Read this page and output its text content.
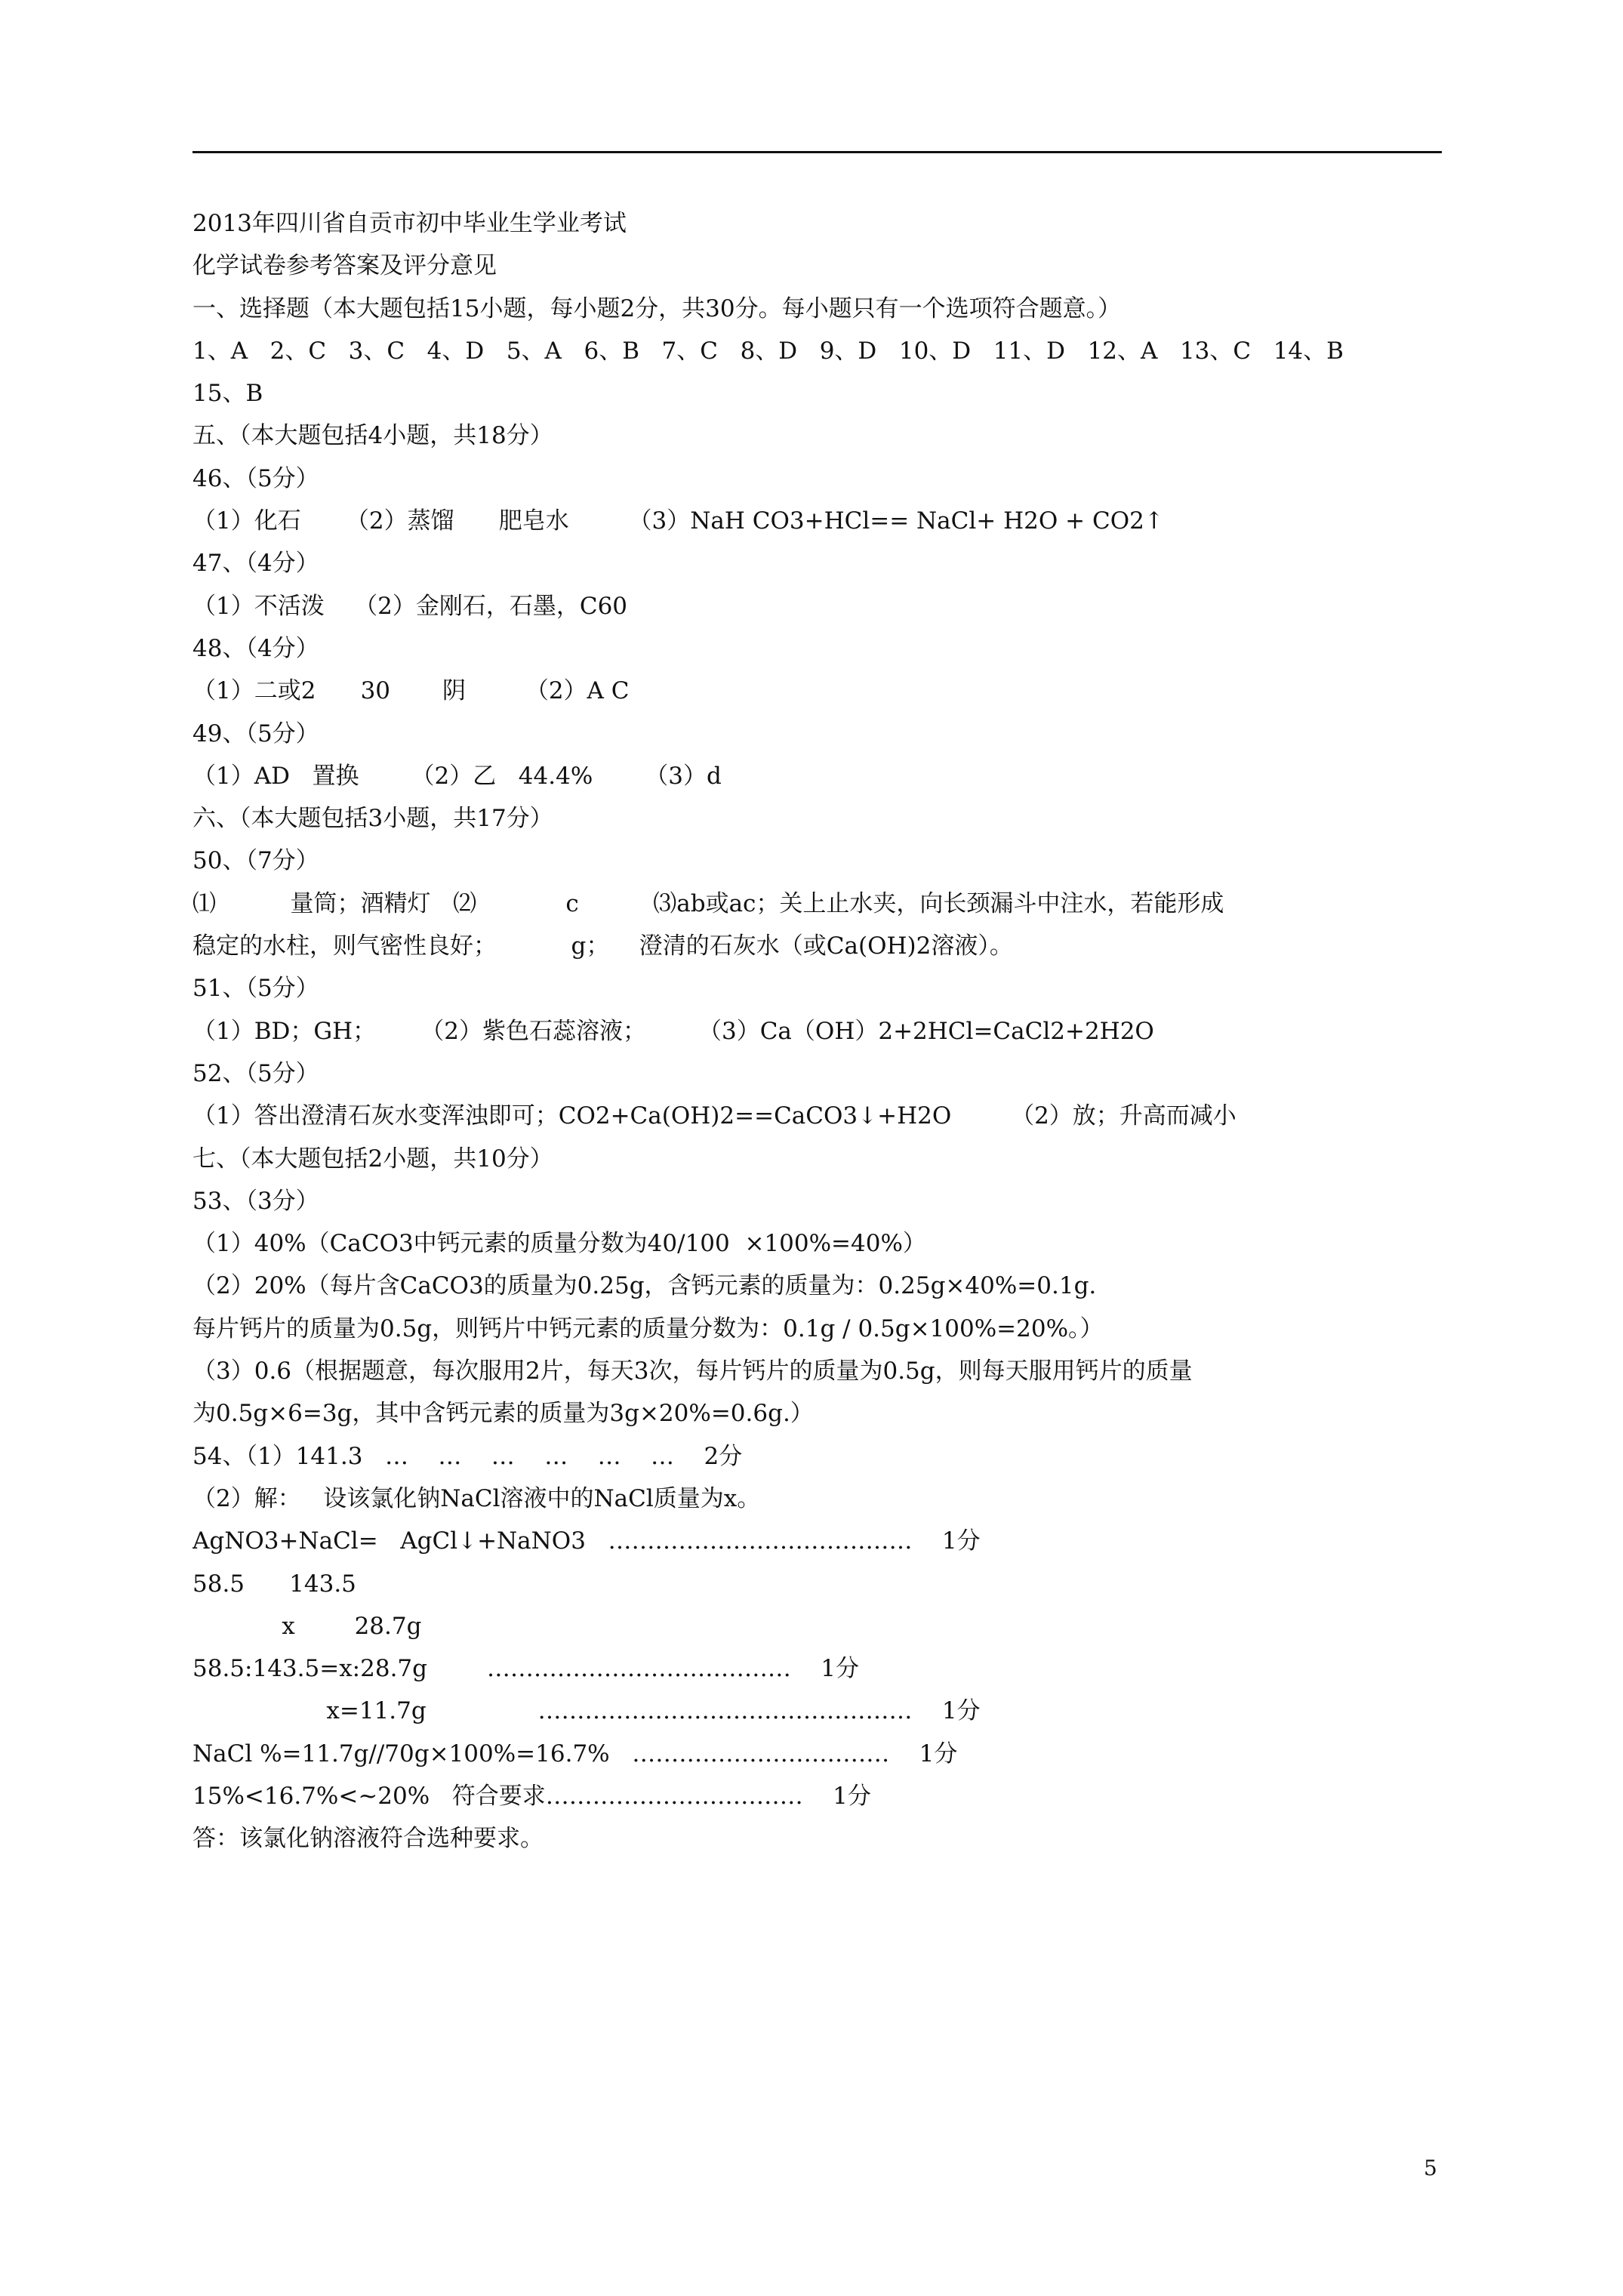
2013年四川省自贡市初中毕业生学业考试
化学试卷参考答案及评分意见
一、选择题（本大题包括15小题，每小题2分，共30分。每小题只有一个选项符合题意。）
1、A   2、C   3、C   4、D   5、A   6、B   7、C   8、D   9、D   10、D   11、D   12、A   13、C   14、B
15、B
五、（本大题包括4小题，共18分）
46、（5分）
（1）化石      （2）蒸馏      肥皂水        （3）NaH CO3+HCl== NaCl+ H2O + CO2↑
47、（4分）
（1）不活泼    （2）金刚石，石墨，C60
48、（4分）
（1）二或2      30       阴        （2）A C
49、（5分）
（1）AD   置换       （2）乙   44.4%       （3）d
六、（本大题包括3小题，共17分）
50、（7分）
⑴          量筒；酒精灯   ⑵            c          ⑶ab或ac；关上止水夹，向长颈漏斗中注水，若能形成
稳定的水柱，则气密性良好；          g；    澄清的石灰水（或Ca(OH)2溶液）。
51、（5分）
（1）BD；GH；      （2）紫色石蕊溶液；       （3）Ca（OH）2+2HCl=CaCl2+2H2O
52、（5分）
（1）答出澄清石灰水变浑浊即可；CO2+Ca(OH)2==CaCO3↓+H2O        （2）放；升高而减小
七、（本大题包括2小题，共10分）
53、（3分）
（1）40%（CaCO3中钙元素的质量分数为40/100  ×100%=40%）
（2）20%（每片含CaCO3的质量为0.25g，含钙元素的质量为：0.25g×40%=0.1g.
每片钙片的质量为0.5g，则钙片中钙元素的质量分数为：0.1g / 0.5g×100%=20%。）
（3）0.6（根据题意，每次服用2片，每天3次，每片钙片的质量为0.5g，则每天服用钙片的质量
为0.5g×6=3g，其中含钙元素的质量为3g×20%=0.6g.）
54、（1）141.3   …    …    …    …    …    …    2分
（2）解：   设该氯化钠NaCl溶液中的NaCl质量为x。
AgNO3+NaCl=   AgCl↓+NaNO3   …………………………………    1分
58.5      143.5
x        28.7g
58.5:143.5=x:28.7g        …………………………………    1分
x=11.7g               …………………………………………    1分
NaCl %=11.7g//70g×100%=16.7%   ……………………………    1分
15%<16.7%<~20%   符合要求……………………………    1分
答：该氯化钠溶液符合选种要求。
5
